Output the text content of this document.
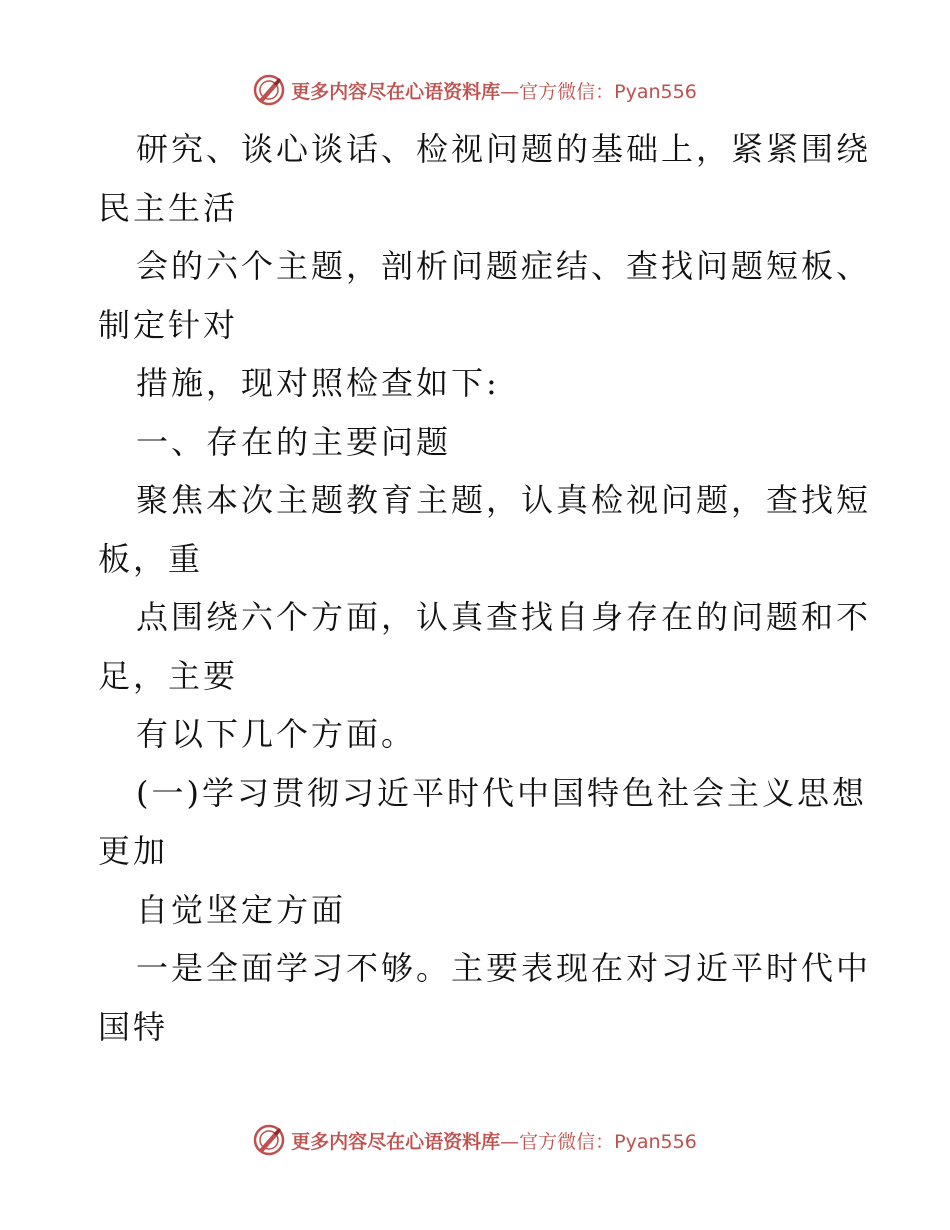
更多内容尽在心语资料库—官方微信：Pyan556
研究、谈心谈话、检视问题的基础上，紧紧围绕
民主生活
会的六个主题，剖析问题症结、查找问题短板、
制定针对
措施，现对照检查如下:
一、存在的主要问题
聚焦本次主题教育主题，认真检视问题，查找短
板，重
点围绕六个方面，认真查找自身存在的问题和不
足，主要
有以下几个方面。
(一)学习贯彻习近平时代中国特色社会主义思想
更加
自觉坚定方面
一是全面学习不够。主要表现在对习近平时代中
国特
更多内容尽在心语资料库—官方微信：Pyan556
